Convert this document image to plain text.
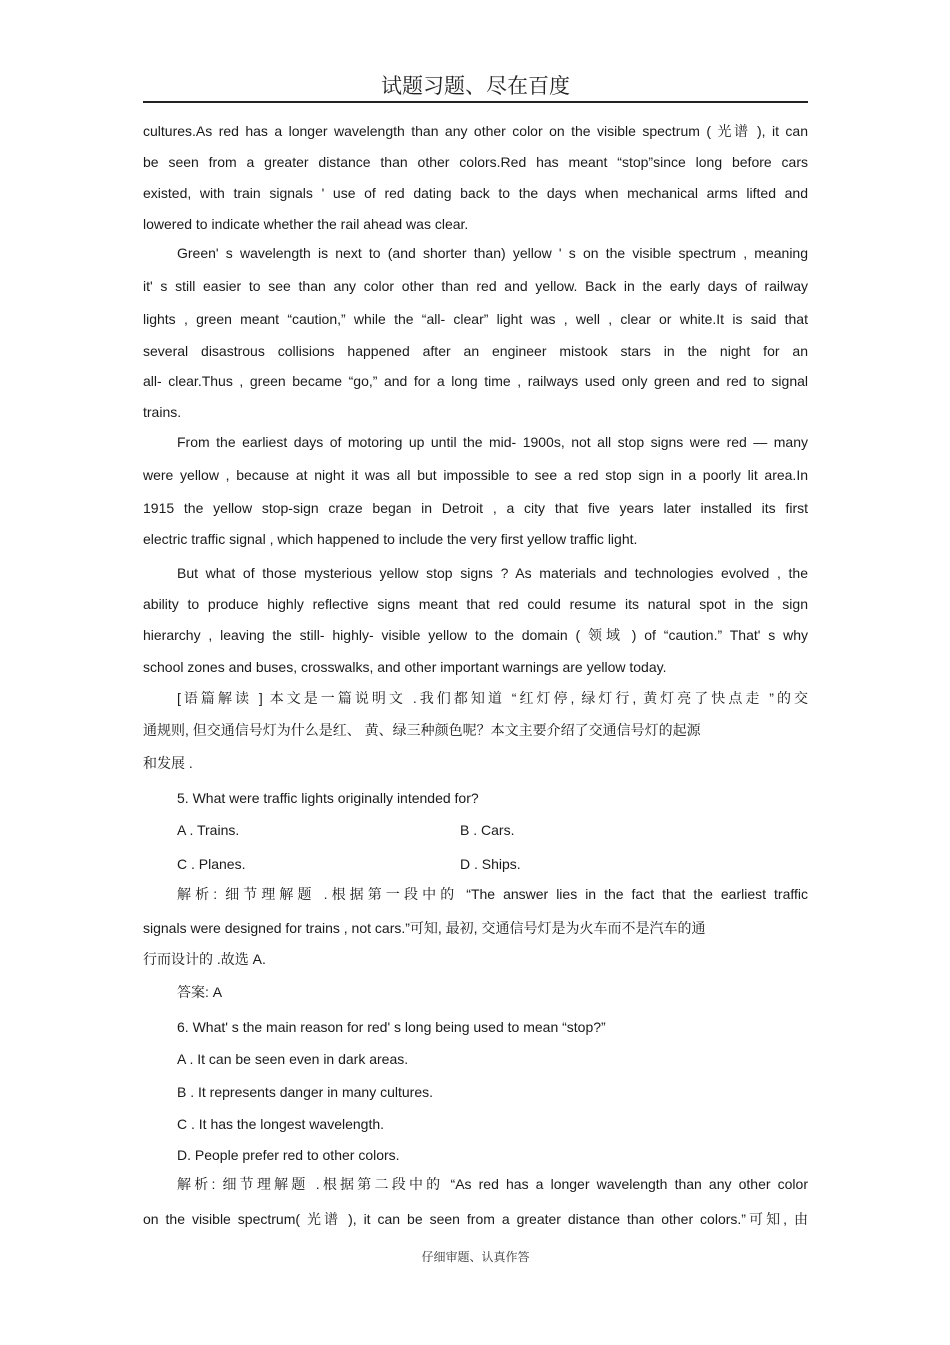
试题习题、尽在百度
cultures.As red has a longer wavelength than any other color on the visible spectrum ( 光谱 ), it can
be seen from a greater distance than other colors.Red has meant “stop”since long before cars
existed, with train signals ' use of red dating back to the days when mechanical arms lifted and
lowered to indicate whether the rail ahead was clear.
Green' s wavelength is next to (and shorter than) yellow ' s on the visible spectrum , meaning
it' s still easier to see than any color other than red and yellow. Back in the early days of railway
lights , green meant “caution,” while the “all- clear” light was , well , clear or white.It is said that
several disastrous collisions happened after an engineer mistook stars in the night for an
all- clear.Thus , green became “go,” and for a long time , railways used only green and red to signal
trains.
From the earliest days of motoring up until the mid- 1900s, not all stop signs were red — many
were yellow , because at night it was all but impossible to see a red stop sign in a poorly lit area.In
1915 the yellow stop-sign craze began in Detroit , a city that five years later installed its first
electric traffic signal , which happened to include the very first yellow traffic light.
But what of those mysterious yellow stop signs ? As materials and technologies evolved , the
ability to produce highly reflective signs meant that red could resume its natural spot in the sign
hierarchy , leaving the still- highly- visible yellow to the domain ( 领域 ) of “caution.” That' s why
school zones and buses, crosswalks, and other important warnings are yellow today.
[语篇解读 ] 本文是一篇说明文 .我们都知道 “红灯停, 绿灯行, 黄灯亮了快点走 ”的交
通规则, 但交通信号灯为什么是红、 黄、绿三种颜色呢？本文主要介绍了交通信号灯的起源
和发展 .
5. What were traffic lights originally intended for?
A . Trains.	B . Cars.
C . Planes.	D . Ships.
解析: 细节理解题 .根据第一段中的 “The answer lies in the fact that the earliest traffic
signals were designed for trains , not cars.”可知, 最初, 交通信号灯是为火车而不是汽车的通
行而设计的 .故选 A.
答案: A
6. What' s the main reason for red' s long being used to mean “stop?”
A . It can be seen even in dark areas.
B . It represents danger in many cultures.
C . It has the longest wavelength.
D. People prefer red to other colors.
解析: 细节理解题 .根据第二段中的 “As red has a longer wavelength than any other color
on the visible spectrum( 光谱 ), it can be seen from a greater distance than other colors.”可知, 由
仔细审题、认真作答
